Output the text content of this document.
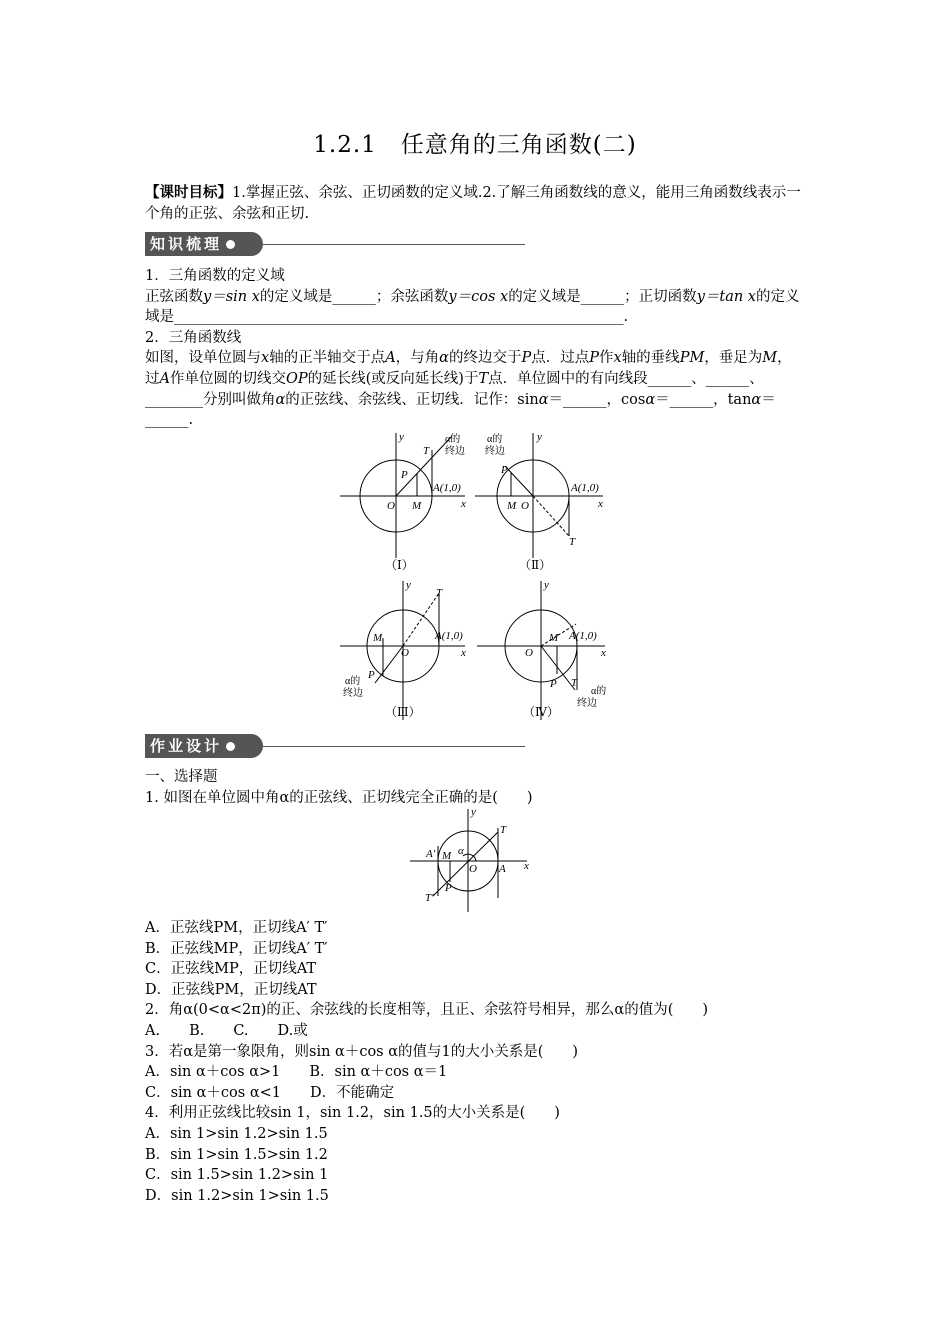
1.2.1　任意角的三角函数(二)
【课时目标】1.掌握正弦、余弦、正切函数的定义域.2.了解三角函数线的意义，能用三角函数线表示一个角的正弦、余弦和正切.
知识梳理

1．三角函数的定义域

正弦函数y＝sin x的定义域是______；余弦函数y＝cos x的定义域是______；正切函数y＝tan x的定义域是______________________________________________________________.

2．三角函数线

如图，设单位圆与x轴的正半轴交于点A，与角α的终边交于P点．过点P作x轴的垂线PM，垂足为M，过A作单位圆的切线交OP的延长线(或反向延长线)于T点．单位圆中的有向线段______、______、________分别叫做角α的正弦线、余弦线、正切线．记作：sinα＝______，cosα＝______，tanα＝______.

O M
P
T
A(1,0)
x
y	α的
终边
O
M
P
T
A(1,0)
x
y
α的
终边
O
M
P
T
A(1,0)
x
y
α的
终边
O
M
P T
A(1,0)
x
y
α的
终边
（Ⅰ）	（Ⅱ）
（Ⅲ）	（Ⅳ）
作业设计

一、选择题

1. 如图在单位圆中角α的正弦线、正切线完全正确的是(　　)

A′ M α
O A
T
T′
P
x
y

A．正弦线PM，正切线A′ T′

B．正弦线MP，正切线A′ T′

C．正弦线MP，正切线AT

D．正弦线PM，正切线AT

2．角α(0<α<2π)的正、余弦线的长度相等，且正、余弦符号相异，那么α的值为(　　)

A.　　B.　　C.　　D.或

3．若α是第一象限角，则sin α＋cos α的值与1的大小关系是(　　)

A．sin α＋cos α>1　　B．sin α＋cos α＝1

C．sin α＋cos α<1　　D．不能确定

4．利用正弦线比较sin 1，sin 1.2，sin 1.5的大小关系是(　　)

A．sin 1>sin 1.2>sin 1.5

B．sin 1>sin 1.5>sin 1.2

C．sin 1.5>sin 1.2>sin 1

D．sin 1.2>sin 1>sin 1.5
